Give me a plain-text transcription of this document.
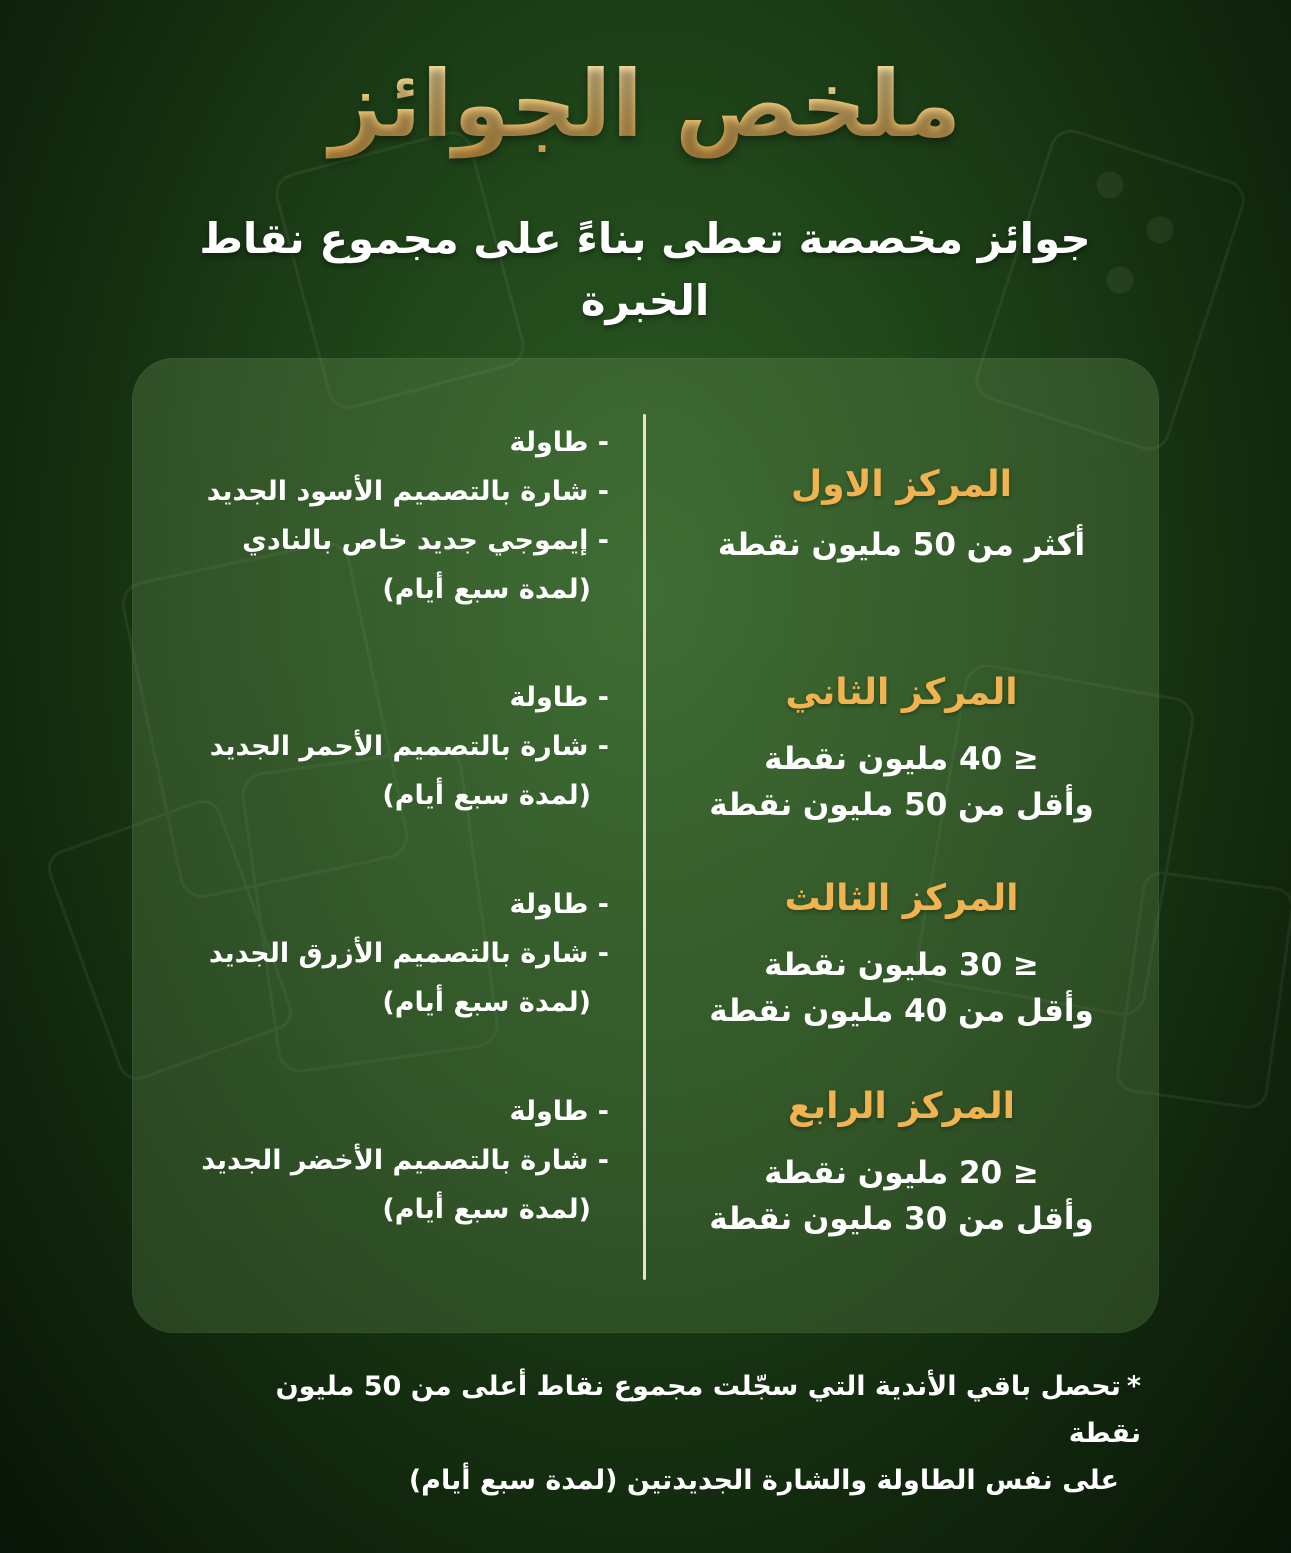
ملخص الجوائز
جوائز مخصصة تعطى بناءً على مجموع نقاط الخبرة
المركز الاول
أكثر من 50 مليون نقطة
- طاولة
- شارة بالتصميم الأسود الجديد
- إيموجي جديد خاص بالنادي
(لمدة سبع أيام)
المركز الثاني
≤ 40 مليون نقطة
وأقل من 50 مليون نقطة
- طاولة
- شارة بالتصميم الأحمر الجديد
(لمدة سبع أيام)
المركز الثالث
≤ 30 مليون نقطة
وأقل من 40 مليون نقطة
- طاولة
- شارة بالتصميم الأزرق الجديد
(لمدة سبع أيام)
المركز الرابع
≤ 20 مليون نقطة
وأقل من 30 مليون نقطة
- طاولة
- شارة بالتصميم الأخضر الجديد
(لمدة سبع أيام)
*تحصل باقي الأندية التي سجّلت مجموع نقاط أعلى من 50 مليون نقطة
على نفس الطاولة والشارة الجديدتين (لمدة سبع أيام)
